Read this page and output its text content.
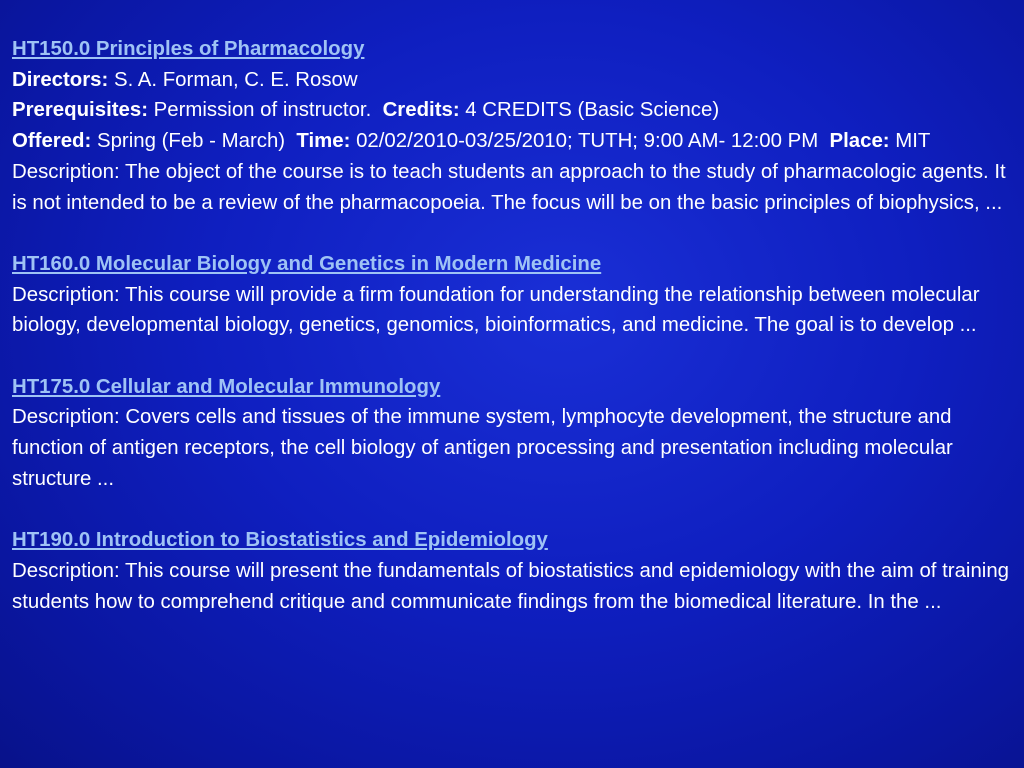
HT150.0 Principles of Pharmacology
Directors: S. A. Forman, C. E. Rosow
Prerequisites: Permission of instructor.  Credits: 4 CREDITS (Basic Science)
Offered: Spring (Feb - March)  Time: 02/02/2010-03/25/2010; TUTH; 9:00 AM- 12:00 PM  Place: MIT
Description: The object of the course is to teach students an approach to the study of pharmacologic agents. It is not intended to be a review of the pharmacopoeia. The focus will be on the basic principles of biophysics, ...
HT160.0 Molecular Biology and Genetics in Modern Medicine
Description: This course will provide a firm foundation for understanding the relationship between molecular biology, developmental biology, genetics, genomics, bioinformatics, and medicine. The goal is to develop ...
HT175.0 Cellular and Molecular Immunology
Description: Covers cells and tissues of the immune system, lymphocyte development, the structure and function of antigen receptors, the cell biology of antigen processing and presentation including molecular structure ...
HT190.0 Introduction to Biostatistics and Epidemiology
Description: This course will present the fundamentals of biostatistics and epidemiology with the aim of training students how to comprehend critique and communicate findings from the biomedical literature. In the ...
